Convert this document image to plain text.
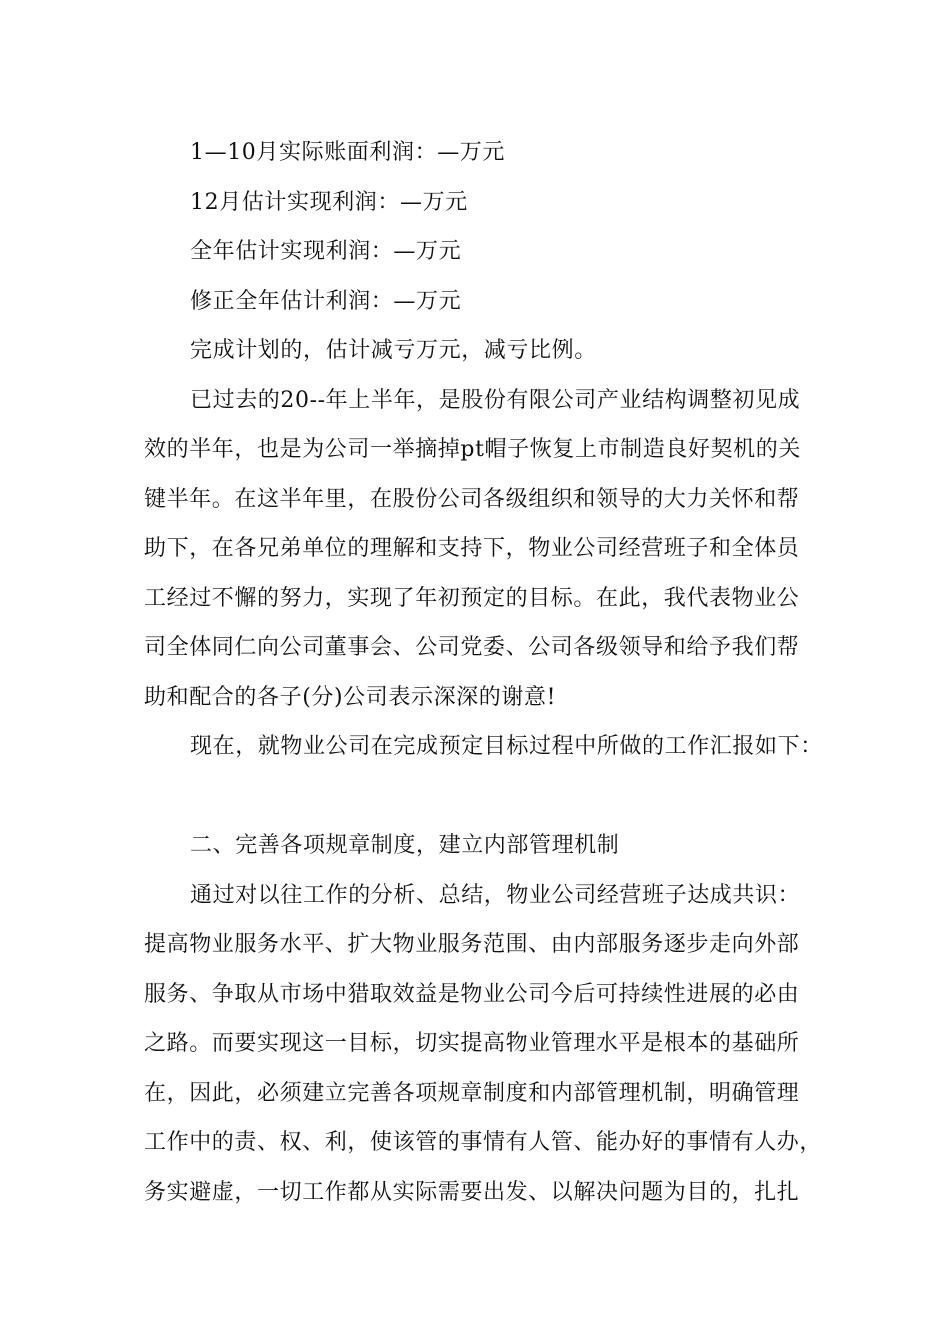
1—10月实际账面利润：—万元

12月估计实现利润：—万元

全年估计实现利润：—万元

修正全年估计利润：—万元

完成计划的，估计减亏万元，减亏比例。

已过去的20--年上半年，是股份有限公司产业结构调整初见成

效的半年，也是为公司一举摘掉pt帽子恢复上市制造良好契机的关

键半年。在这半年里，在股份公司各级组织和领导的大力关怀和帮

助下，在各兄弟单位的理解和支持下，物业公司经营班子和全体员

工经过不懈的努力，实现了年初预定的目标。在此，我代表物业公

司全体同仁向公司董事会、公司党委、公司各级领导和给予我们帮

助和配合的各子(分)公司表示深深的谢意!

现在，就物业公司在完成预定目标过程中所做的工作汇报如下：

二、完善各项规章制度，建立内部管理机制

通过对以往工作的分析、总结，物业公司经营班子达成共识：

提高物业服务水平、扩大物业服务范围、由内部服务逐步走向外部

服务、争取从市场中猎取效益是物业公司今后可持续性进展的必由

之路。而要实现这一目标，切实提高物业管理水平是根本的基础所

在，因此，必须建立完善各项规章制度和内部管理机制，明确管理

工作中的责、权、利，使该管的事情有人管、能办好的事情有人办，

务实避虚，一切工作都从实际需要出发、以解决问题为目的，扎扎
